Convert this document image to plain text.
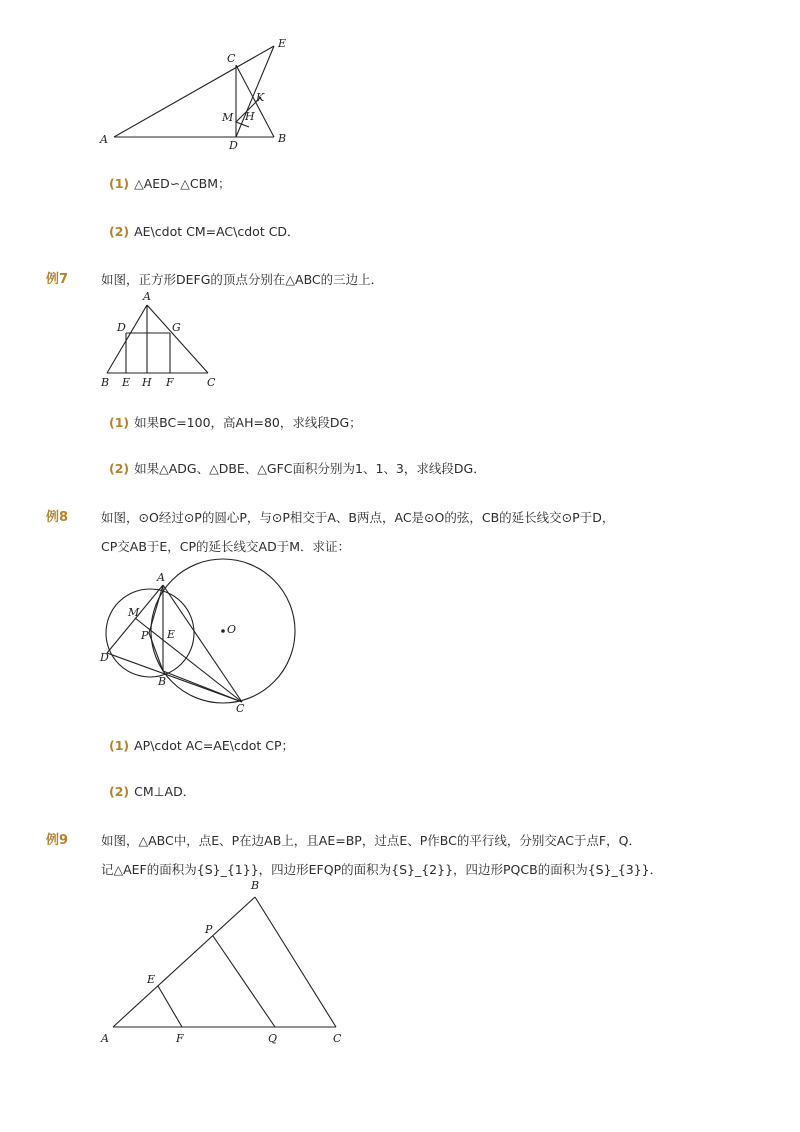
A	B
C
D
E
K
H
M
(1) △AED∽△CBM；
(2) AE\cdot CM=AC\cdot CD．
例7	如图，正方形DEFG的顶点分别在△ABC的三边上．
A
D	G
B E H F	C
(1) 如果BC=100，高AH=80，求线段DG；
(2) 如果△ADG、△DBE、△GFC面积分别为1、1、3，求线段DG．
例8	如图，⊙O经过⊙P的圆心P，与⊙P相交于A、B两点，AC是⊙O的弦，CB的延长线交⊙P于D，
CP交AB于E，CP的延长线交AD于M．求证：
A
M
P E	O
D
B
C
(1) AP\cdot AC=AE\cdot CP；
(2) CM⊥AD．
例9	如图，△ABC中，点E、P在边AB上，且AE=BP，过点E、P作BC的平行线，分别交AC于点F，Q．
记△AEF的面积为{S}_{1}}，四边形EFQP的面积为{S}_{2}}，四边形PQCB的面积为{S}_{3}}．
B
P
E
A	F	Q	C
